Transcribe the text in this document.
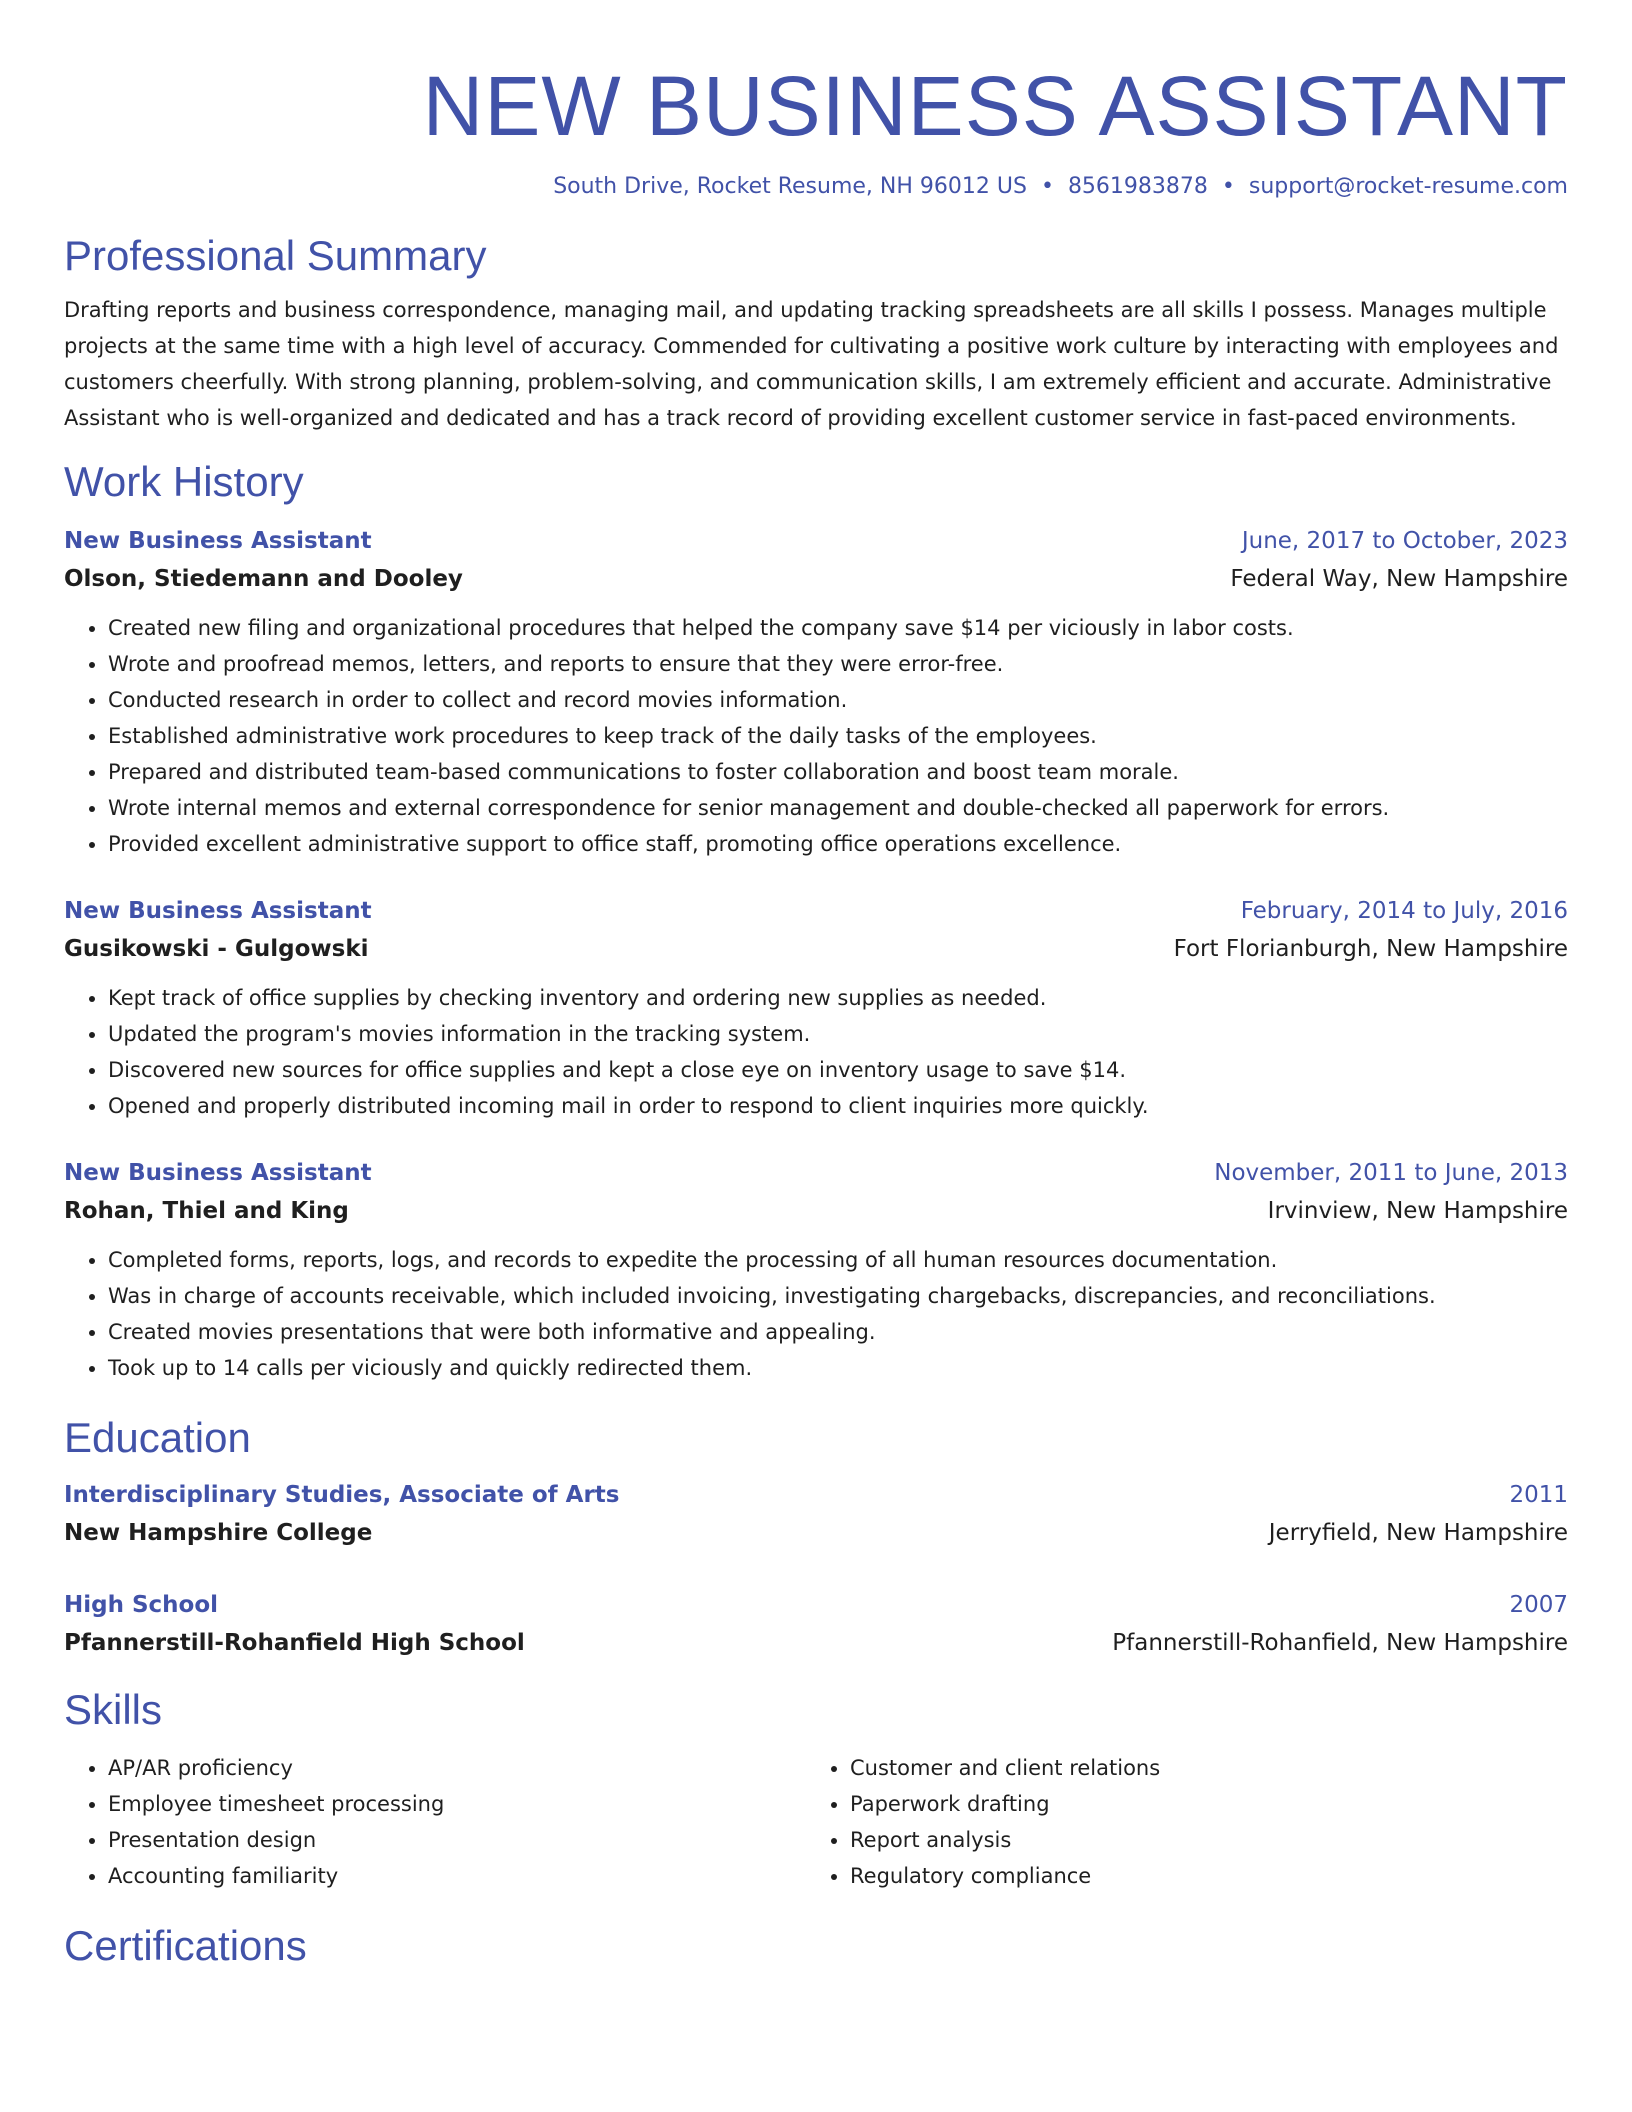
NEW BUSINESS ASSISTANT
South Drive, Rocket Resume, NH 96012 US • 8561983878 • support@rocket-resume.com
Professional Summary

Drafting reports and business correspondence, managing mail, and updating tracking spreadsheets are all skills I possess. Manages multiple projects at the same time with a high level of accuracy. Commended for cultivating a positive work culture by interacting with employees and customers cheerfully. With strong planning, problem-solving, and communication skills, I am extremely efficient and accurate. Administrative Assistant who is well-organized and dedicated and has a track record of providing excellent customer service in fast-paced environments.

Work History
New Business Assistant	June, 2017 to October, 2023
Olson, Stiedemann and Dooley	Federal Way, New Hampshire
• Created new filing and organizational procedures that helped the company save $14 per viciously in labor costs.
• Wrote and proofread memos, letters, and reports to ensure that they were error-free.
• Conducted research in order to collect and record movies information.
• Established administrative work procedures to keep track of the daily tasks of the employees.
• Prepared and distributed team-based communications to foster collaboration and boost team morale.
• Wrote internal memos and external correspondence for senior management and double-checked all paperwork for errors.
• Provided excellent administrative support to office staff, promoting office operations excellence.
New Business Assistant	February, 2014 to July, 2016
Gusikowski - Gulgowski	Fort Florianburgh, New Hampshire
• Kept track of office supplies by checking inventory and ordering new supplies as needed.
• Updated the program's movies information in the tracking system.
• Discovered new sources for office supplies and kept a close eye on inventory usage to save $14.
• Opened and properly distributed incoming mail in order to respond to client inquiries more quickly.
New Business Assistant	November, 2011 to June, 2013
Rohan, Thiel and King	Irvinview, New Hampshire
• Completed forms, reports, logs, and records to expedite the processing of all human resources documentation.
• Was in charge of accounts receivable, which included invoicing, investigating chargebacks, discrepancies, and reconciliations.
• Created movies presentations that were both informative and appealing.
• Took up to 14 calls per viciously and quickly redirected them.
Education
Interdisciplinary Studies, Associate of Arts	2011
New Hampshire College	Jerryfield, New Hampshire
High School	2007
Pfannerstill-Rohanfield High School	Pfannerstill-Rohanfield, New Hampshire
Skills
• AP/AR proficiency
• Employee timesheet processing
• Presentation design
• Accounting familiarity
• Customer and client relations
• Paperwork drafting
• Report analysis
• Regulatory compliance
Certifications
